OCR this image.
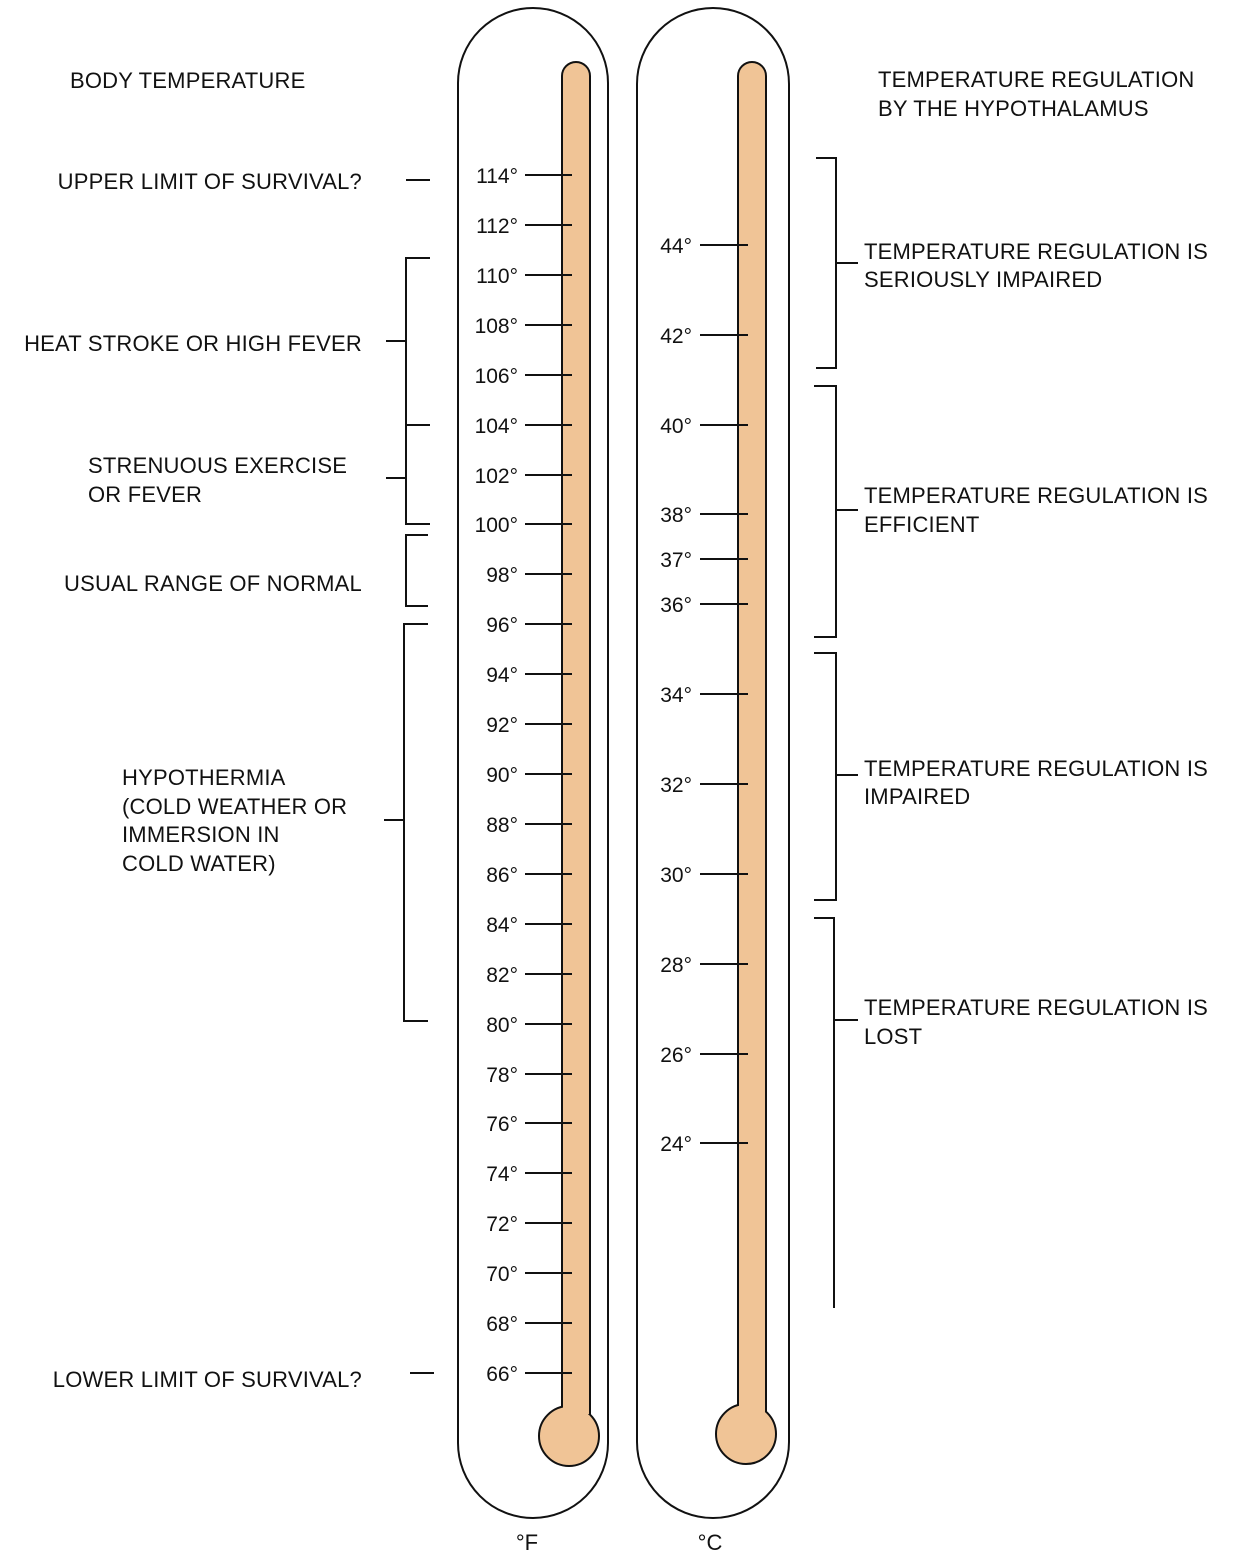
114°
112°
110°
108°
106°
104°
102°
100°
98°
96°
94°
92°
90°
88°
86°
84°
82°
80°
78°
76°
74°
72°
70°
68°
66°
44°
42°
40°
38°
37°
36°
34°
32°
30°
28°
26°
24°
°F	°C
BODY TEMPERATURE	TEMPERATURE REGULATION
BY THE HYPOTHALAMUS
UPPER LIMIT OF SURVIVAL?
HEAT STROKE OR HIGH FEVER
STRENUOUS EXERCISE
OR FEVER
USUAL RANGE OF NORMAL
HYPOTHERMIA
(COLD WEATHER OR
IMMERSION IN
COLD WATER)
LOWER LIMIT OF SURVIVAL?
TEMPERATURE REGULATION IS
SERIOUSLY IMPAIRED
TEMPERATURE REGULATION IS
EFFICIENT
TEMPERATURE REGULATION IS
IMPAIRED
TEMPERATURE REGULATION IS
LOST
